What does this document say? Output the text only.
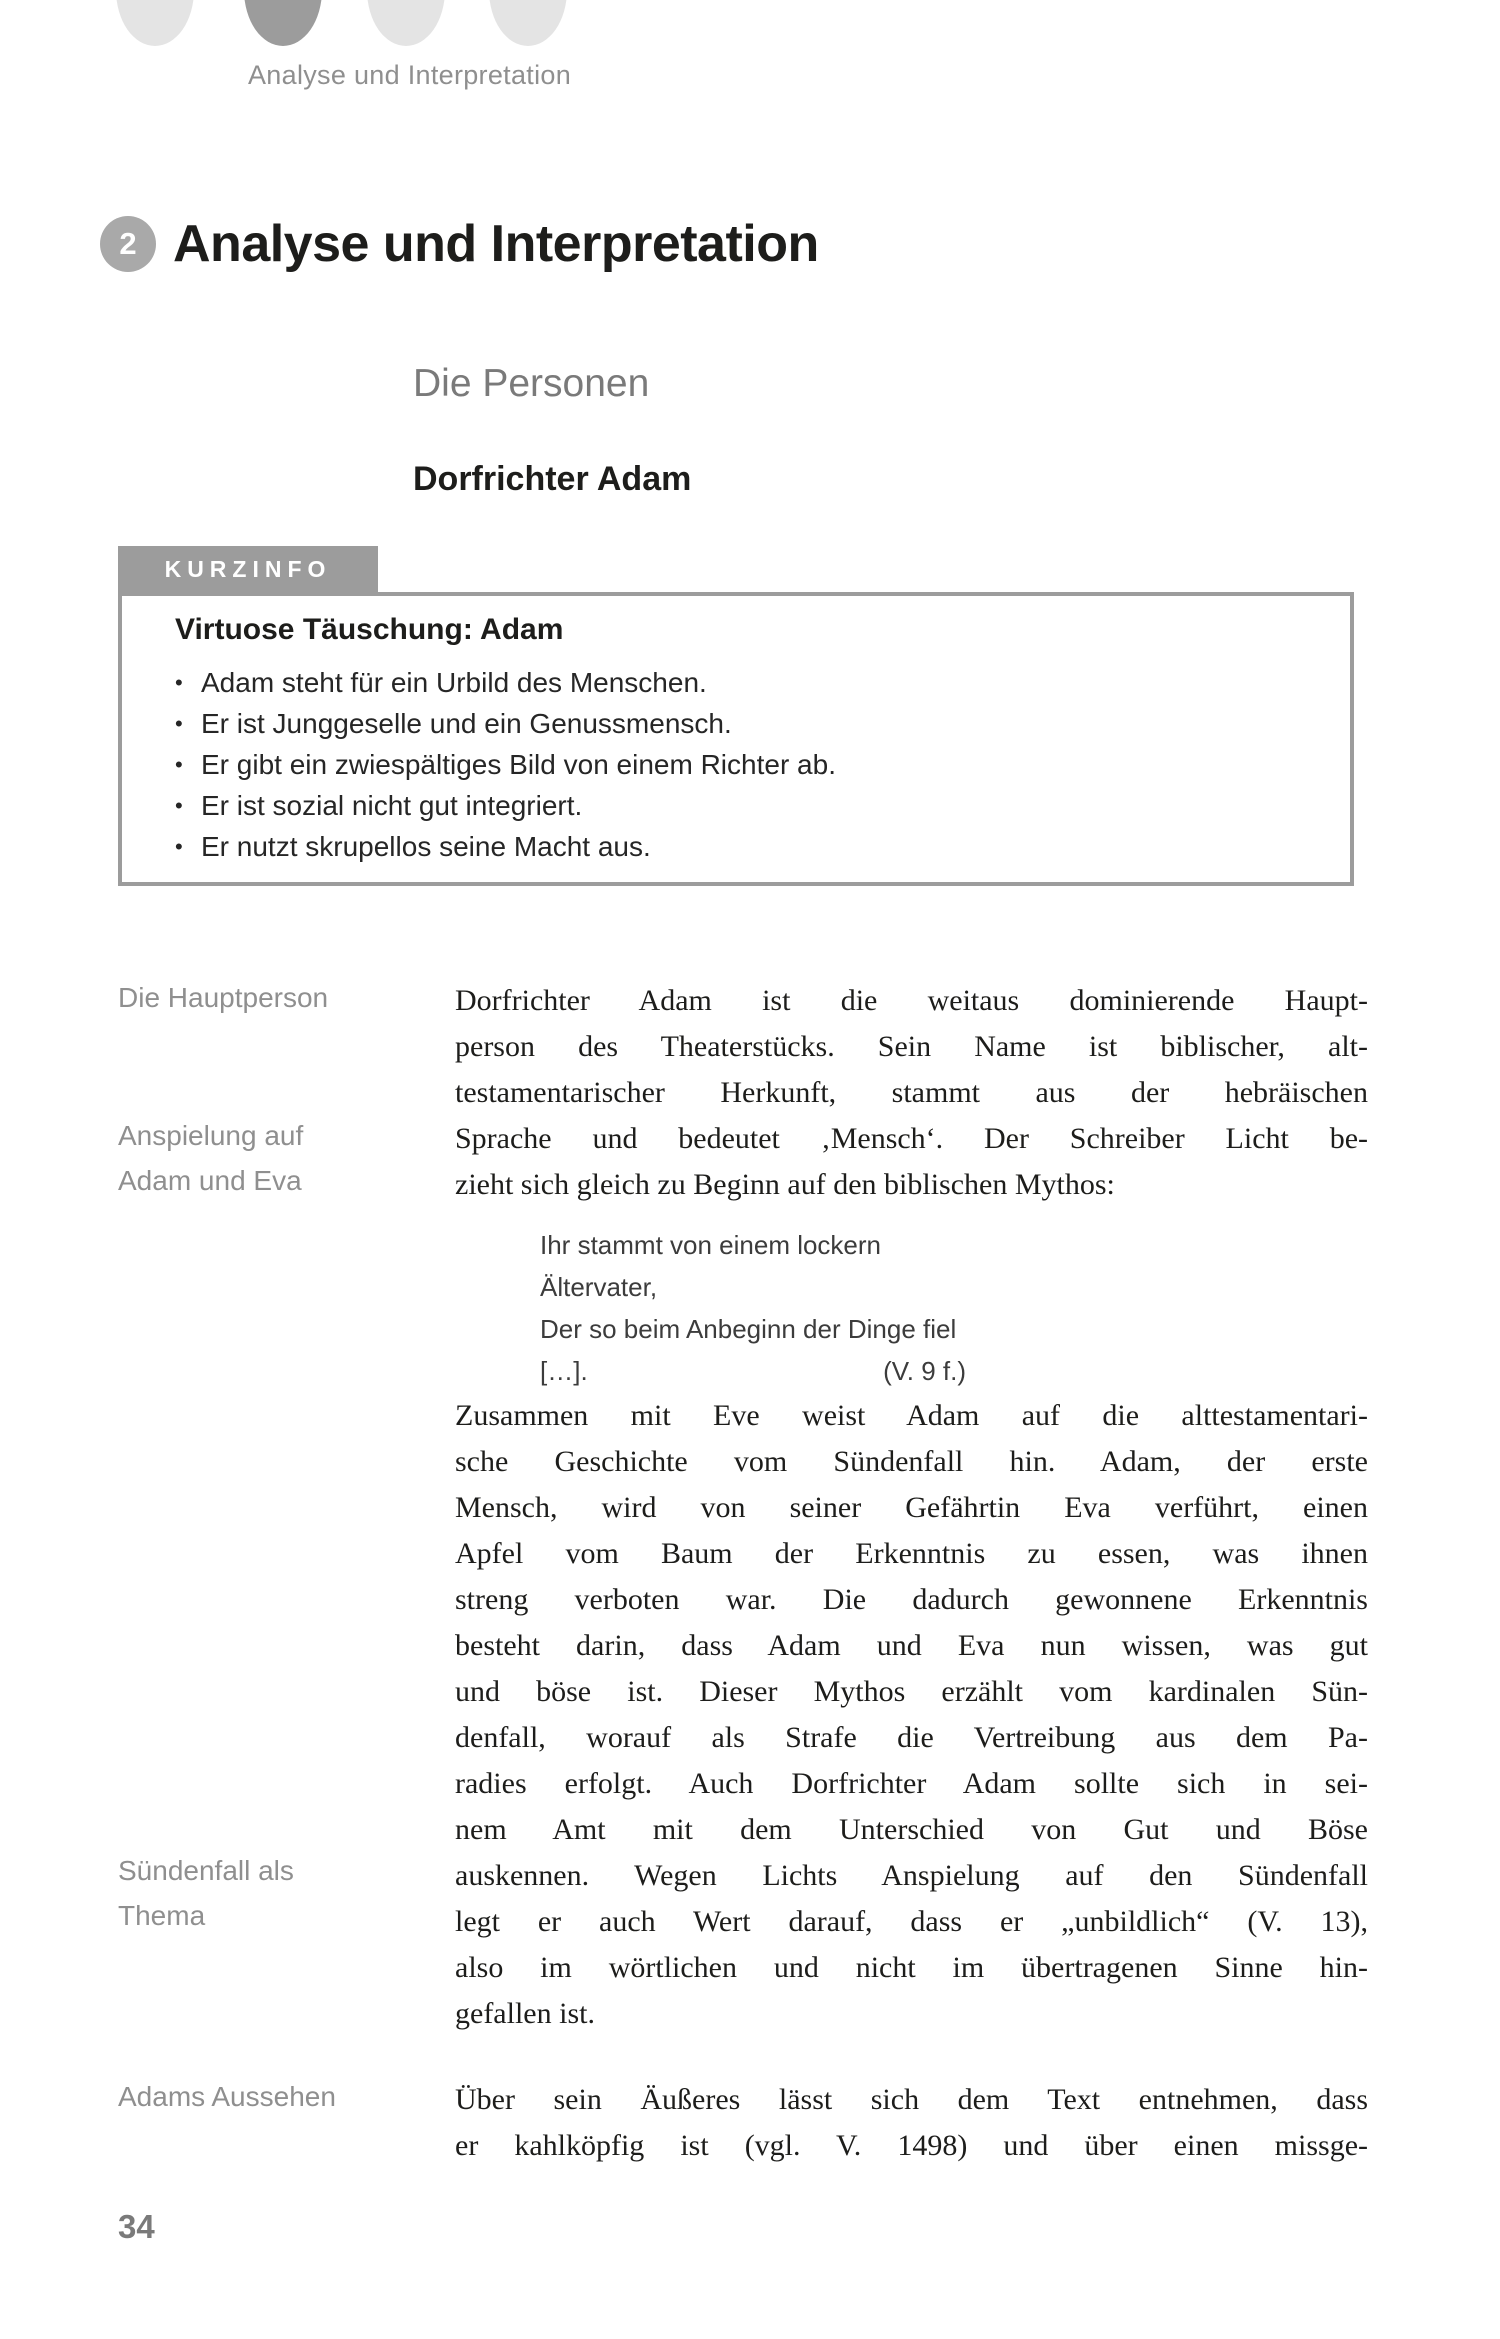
Analyse und Interpretation
2 Analyse und Interpretation
Die Personen
Dorfrichter Adam
KURZINFO
Virtuose Täuschung: Adam
• Adam steht für ein Urbild des Menschen.
• Er ist Junggeselle und ein Genussmensch.
• Er gibt ein zwiespältiges Bild von einem Richter ab.
• Er ist sozial nicht gut integriert.
• Er nutzt skrupellos seine Macht aus.
Die Hauptperson
Anspielung auf
Adam und Eva
Sündenfall als
Thema
Adams Aussehen
Dorfrichter Adam ist die weitaus dominierende Haupt-
person des Theaterstücks. Sein Name ist biblischer, alt-
testamentarischer Herkunft, stammt aus der hebräischen
Sprache und bedeutet ‚Mensch‘. Der Schreiber Licht be-
zieht sich gleich zu Beginn auf den biblischen Mythos:
Ihr stammt von einem lockern Ältervater,
Der so beim Anbeginn der Dinge fiel
[…].	(V. 9 f.)
Zusammen mit Eve weist Adam auf die alttestamentari-
sche Geschichte vom Sündenfall hin. Adam, der erste
Mensch, wird von seiner Gefährtin Eva verführt, einen
Apfel vom Baum der Erkenntnis zu essen, was ihnen
streng verboten war. Die dadurch gewonnene Erkenntnis
besteht darin, dass Adam und Eva nun wissen, was gut
und böse ist. Dieser Mythos erzählt vom kardinalen Sün-
denfall, worauf als Strafe die Vertreibung aus dem Pa-
radies erfolgt. Auch Dorfrichter Adam sollte sich in sei-
nem Amt mit dem Unterschied von Gut und Böse
auskennen. Wegen Lichts Anspielung auf den Sündenfall
legt er auch Wert darauf, dass er „unbildlich“ (V. 13),
also im wörtlichen und nicht im übertragenen Sinne hin-
gefallen ist.
Über sein Äußeres lässt sich dem Text entnehmen, dass
er kahlköpfig ist (vgl. V. 1498) und über einen missge-
34
